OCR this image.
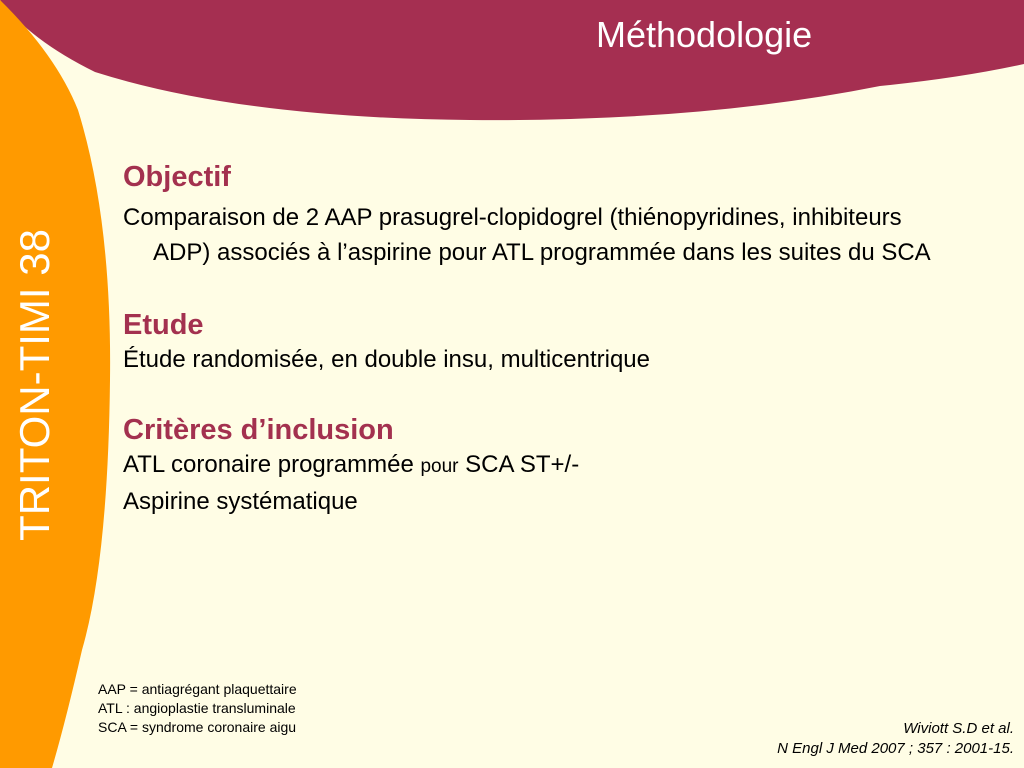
Méthodologie
TRITON-TIMI 38
Objectif
Comparaison de 2 AAP prasugrel-clopidogrel (thiénopyridines, inhibiteurs ADP) associés à l’aspirine pour ATL programmée dans les suites du SCA
Etude
Étude randomisée, en double insu, multicentrique
Critères d’inclusion
ATL coronaire programmée pour SCA ST+/-
Aspirine systématique
AAP = antiagrégant plaquettaire
ATL : angioplastie transluminale
SCA = syndrome coronaire aigu	Wiviott S.D et al.
N Engl J Med 2007 ; 357 : 2001-15.
